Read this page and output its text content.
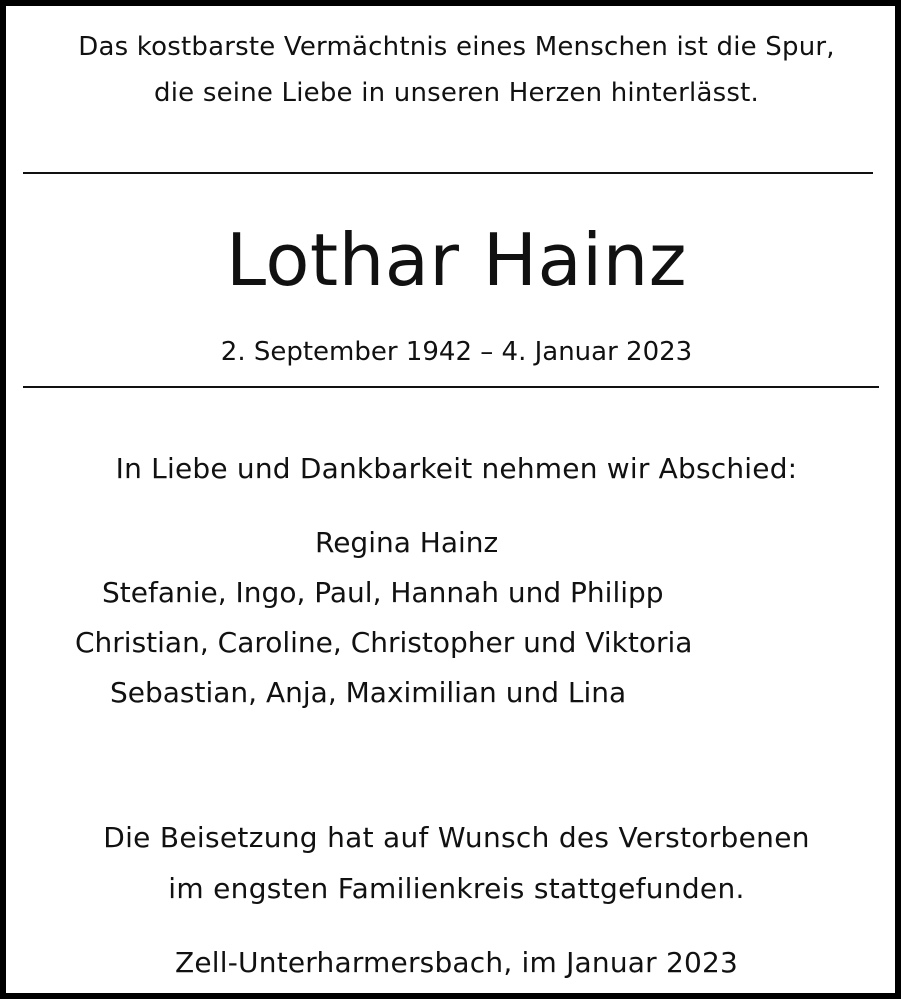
Das kostbarste Vermächtnis eines Menschen ist die Spur,
die seine Liebe in unseren Herzen hinterlässt.
Lothar Hainz
2. September 1942 – 4. Januar 2023
In Liebe und Dankbarkeit nehmen wir Abschied:
Regina Hainz
Stefanie, Ingo, Paul, Hannah und Philipp
Christian, Caroline, Christopher und Viktoria
Sebastian, Anja, Maximilian und Lina
Die Beisetzung hat auf Wunsch des Verstorbenen
im engsten Familienkreis stattgefunden.
Zell-Unterharmersbach, im Januar 2023
